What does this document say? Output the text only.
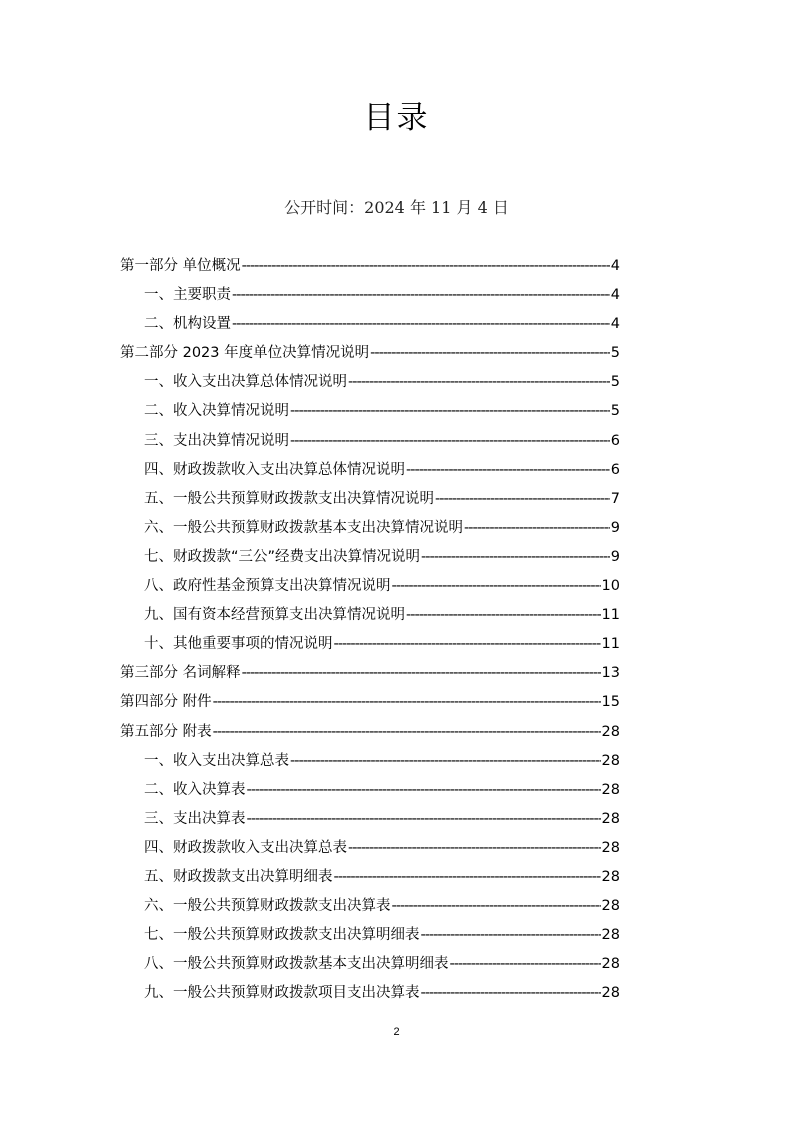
目录
公开时间：2024 年 11 月 4 日
第一部分 单位概况 -----	4
一、主要职责 -----	4
二、机构设置 -----	4
第二部分 2023 年度单位决算情况说明 -----	5
一、收入支出决算总体情况说明 -----	5
二、收入决算情况说明 -----	5
三、支出决算情况说明 -----	6
四、财政拨款收入支出决算总体情况说明 -----	6
五、一般公共预算财政拨款支出决算情况说明 -----	7
六、一般公共预算财政拨款基本支出决算情况说明 -----	9
七、财政拨款“三公”经费支出决算情况说明 -----	9
八、政府性基金预算支出决算情况说明 -----	10
九、国有资本经营预算支出决算情况说明 -----	11
十、其他重要事项的情况说明 -----	11
第三部分 名词解释 -----	13
第四部分 附件 -----	15
第五部分 附表 -----	28
一、收入支出决算总表 -----	28
二、收入决算表 -----	28
三、支出决算表 -----	28
四、财政拨款收入支出决算总表 -----	28
五、财政拨款支出决算明细表 -----	28
六、一般公共预算财政拨款支出决算表 -----	28
七、一般公共预算财政拨款支出决算明细表 -----	28
八、一般公共预算财政拨款基本支出决算明细表 -----	28
九、一般公共预算财政拨款项目支出决算表 -----	28
2
